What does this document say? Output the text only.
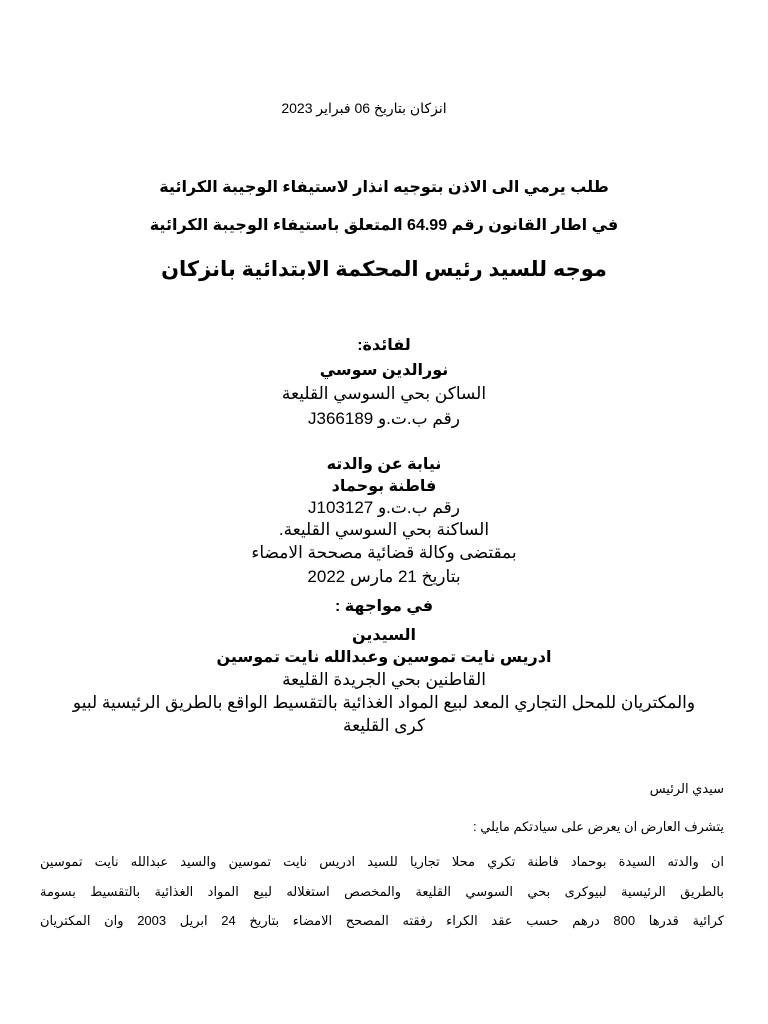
انزكان بتاريخ 06 فبراير 2023
طلب يرمي الى الاذن بتوجيه انذار لاستيفاء الوجيبة الكرائية
في اطار القانون رقم 64.99 المتعلق باستيفاء الوجيبة الكرائية
موجه للسيد رئيس المحكمة الابتدائية بانزكان
لفائدة:
نورالدين سوسي
الساكن بحي السوسي القليعة
رقم ب.ت.و J366189
نيابة عن والدته
فاطنة بوحماد
رقم ب.ت.و J103127
الساكنة بحي السوسي القليعة.
بمقتضى وكالة قضائية مصححة الامضاء
بتاريخ 21 مارس 2022
في مواجهة :
السيدين
ادريس نايت تموسين وعبدالله نايت تموسين
القاطنين بحي الجريدة القليعة
والمكتريان للمحل التجاري المعد لبيع المواد الغذائية بالتقسيط الواقع بالطريق الرئيسية لبيو
كرى القليعة
سيدي الرئيس
يتشرف العارض ان يعرض على سيادتكم مايلي :
ان والدته السيدة بوحماد فاطنة تكري محلا تجاريا للسيد ادريس نايت تموسين والسيد عبدالله نايت تموسين
بالطريق الرئيسية لبيوكرى بحي السوسي القليعة والمخصص استغلاله لبيع المواد الغذائية بالتقسيط بسومة
كرائية قدرها 800 درهم حسب عقد الكراء رفقته المصحح الامضاء بتاريخ 24 ابريل 2003 وان المكتريان
